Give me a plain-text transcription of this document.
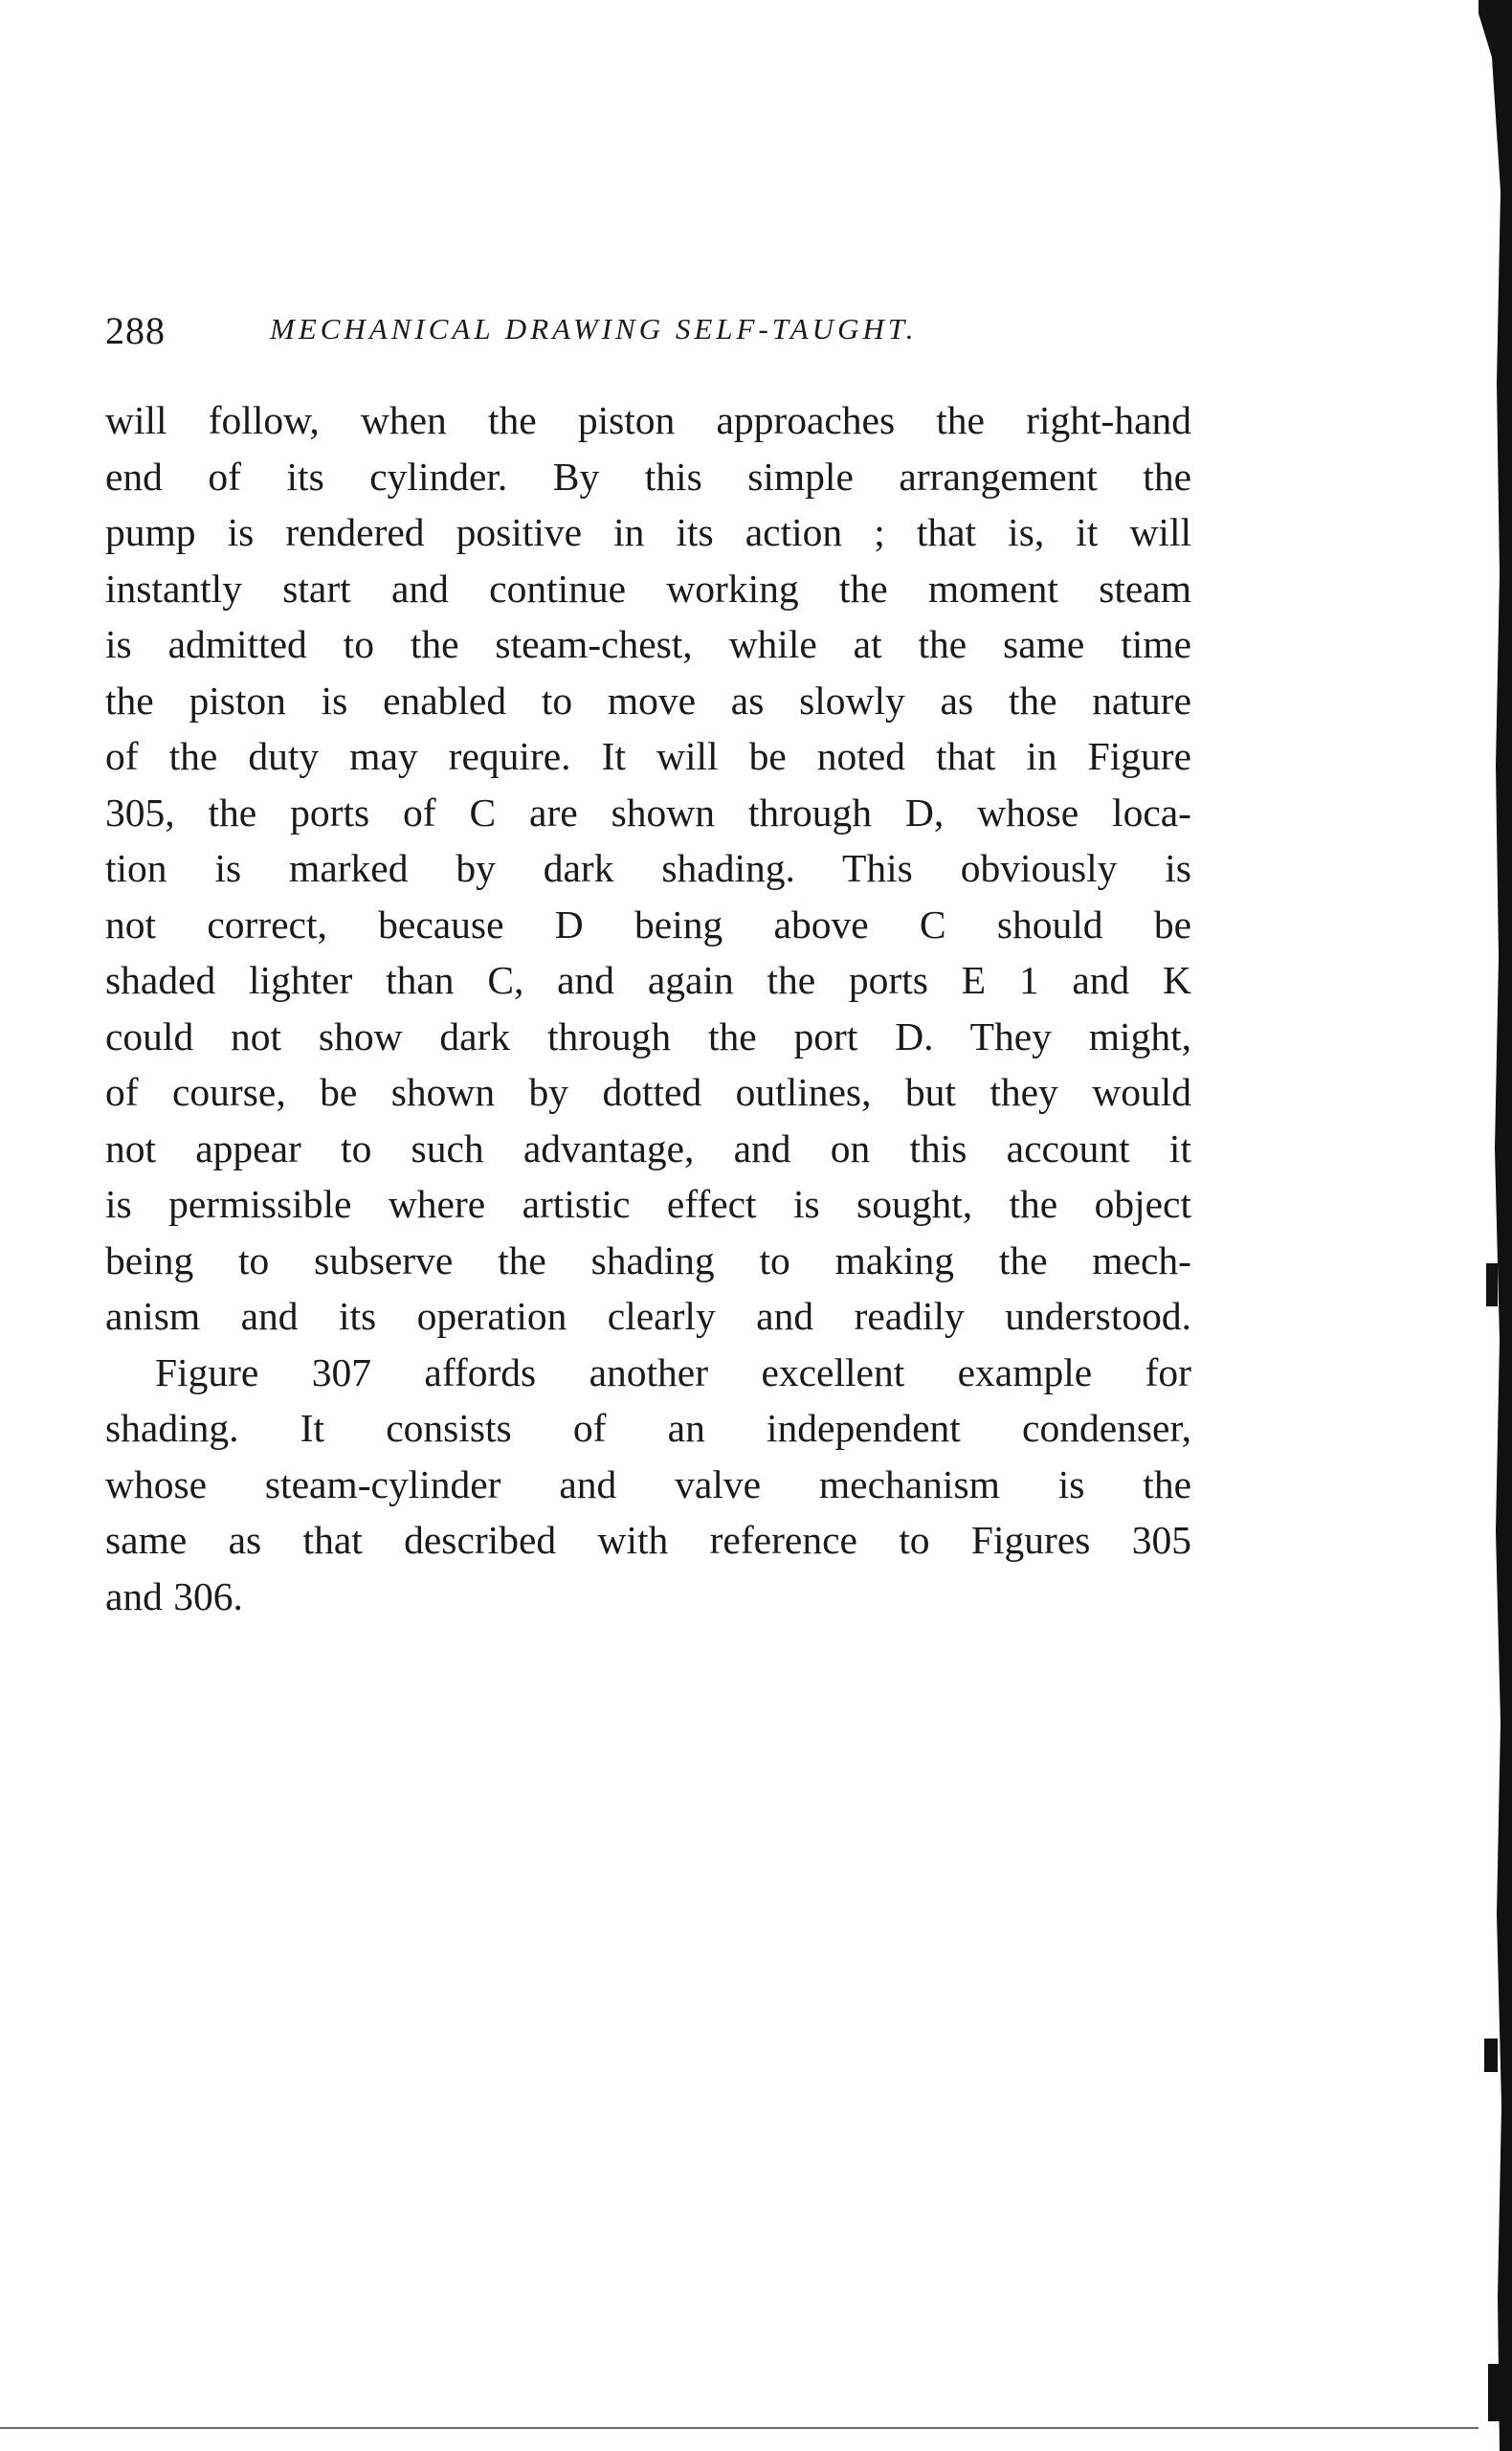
288	MECHANICAL DRAWING SELF-TAUGHT.
will follow, when the piston approaches the right-hand
end of its cylinder. By this simple arrangement the
pump is rendered positive in its action ; that is, it will
instantly start and continue working the moment steam
is admitted to the steam-chest, while at the same time
the piston is enabled to move as slowly as the nature
of the duty may require. It will be noted that in Figure
305, the ports of C are shown through D, whose loca-
tion is marked by dark shading. This obviously is
not correct, because D being above C should be
shaded lighter than C, and again the ports E 1 and K
could not show dark through the port D. They might,
of course, be shown by dotted outlines, but they would
not appear to such advantage, and on this account it
is permissible where artistic effect is sought, the object
being to subserve the shading to making the mech-
anism and its operation clearly and readily understood.
Figure 307 affords another excellent example for
shading. It consists of an independent condenser,
whose steam-cylinder and valve mechanism is the
same as that described with reference to Figures 305
and 306.
